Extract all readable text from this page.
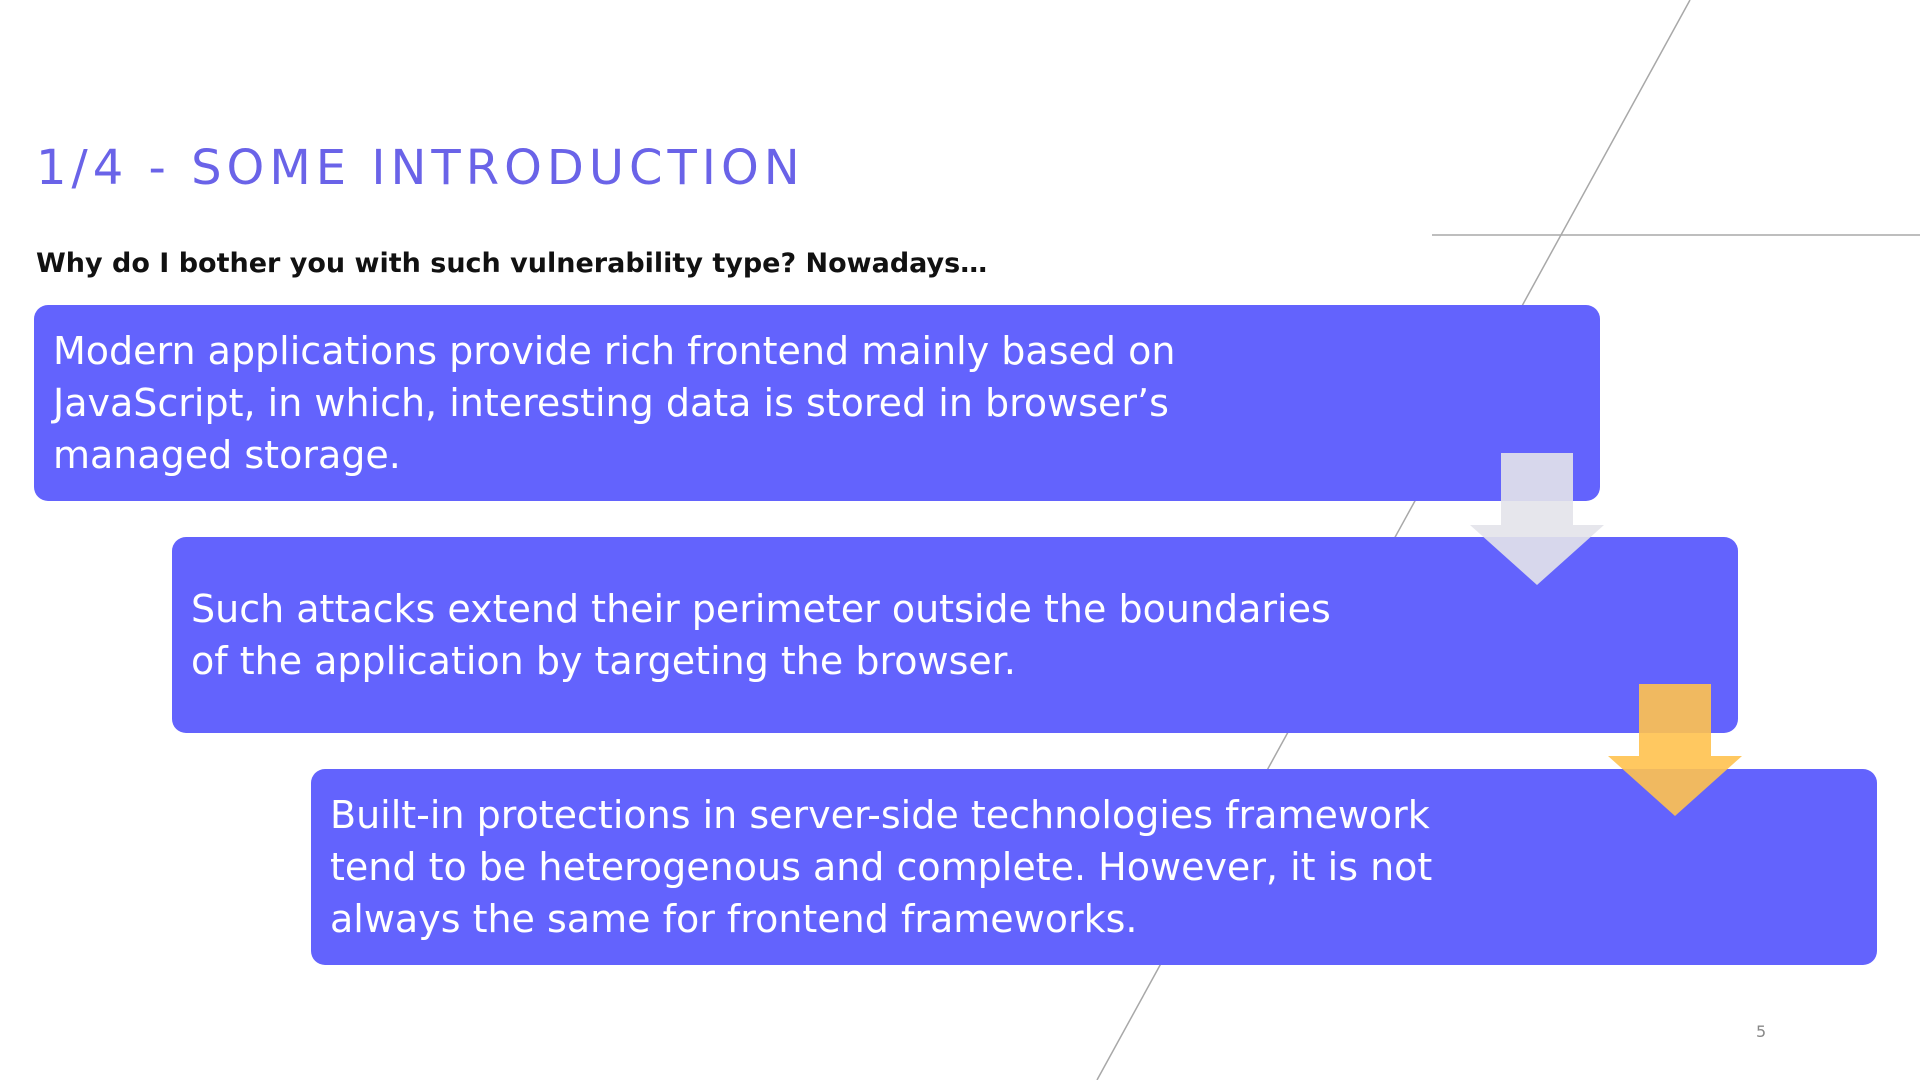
1/4 - SOME INTRODUCTION

Why do I bother you with such vulnerability type? Nowadays…

Modern applications provide rich frontend mainly based on
JavaScript, in which, interesting data is stored in browser’s
managed storage.

Such attacks extend their perimeter outside the boundaries
of the application by targeting the browser.

Built-in protections in server-side technologies framework
tend to be heterogenous and complete. However, it is not
always the same for frontend frameworks.

5
